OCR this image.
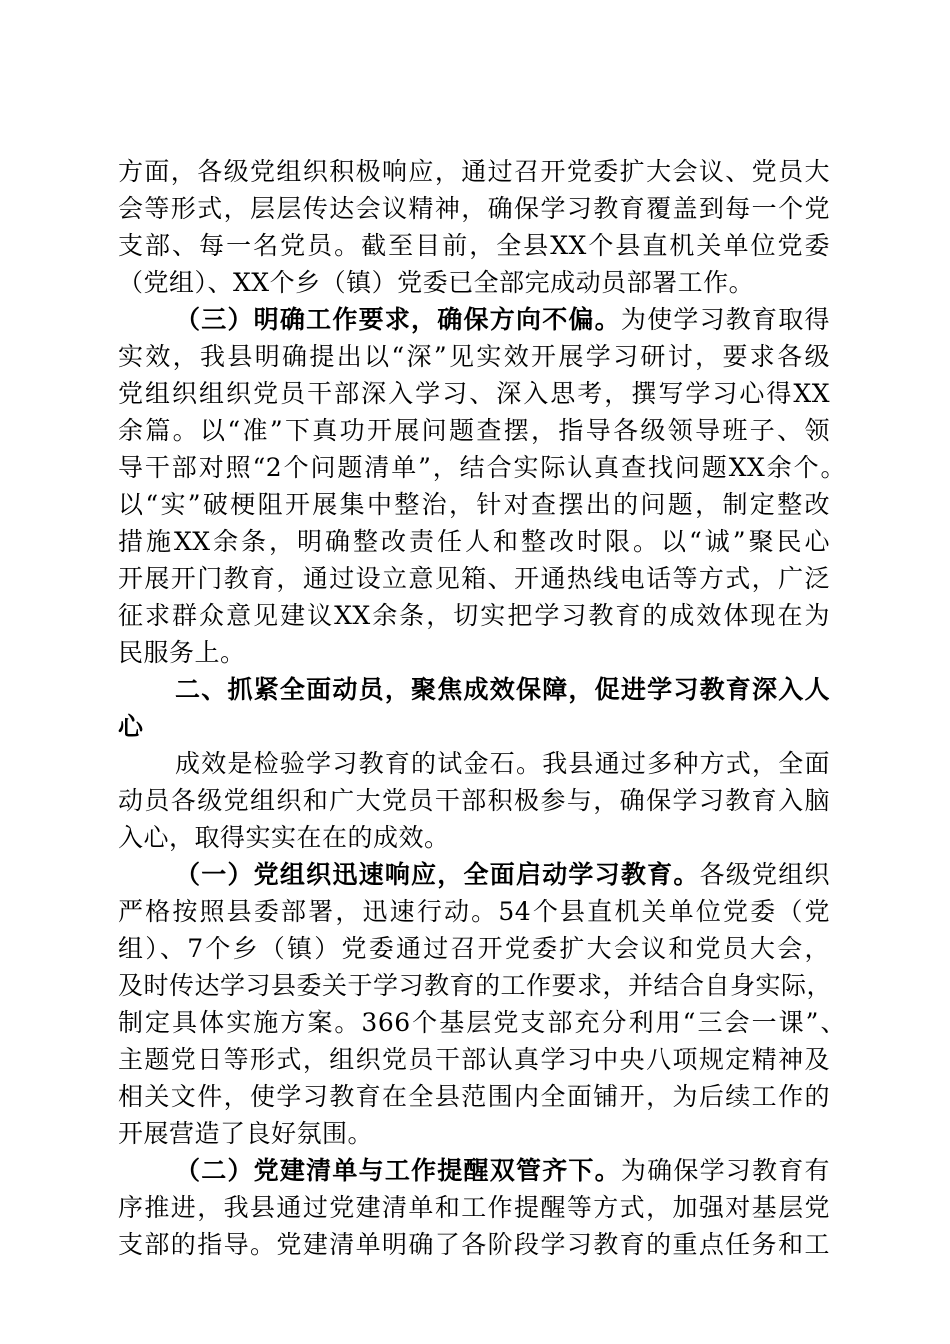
方面，各级党组织积极响应，通过召开党委扩大会议、党员大
会等形式，层层传达会议精神，确保学习教育覆盖到每一个党
支部、每一名党员。截至目前，全县XX个县直机关单位党委
（党组）、XX个乡（镇）党委已全部完成动员部署工作。
（三）明确工作要求，确保方向不偏。为使学习教育取得
实效，我县明确提出以“深”见实效开展学习研讨，要求各级
党组织组织党员干部深入学习、深入思考，撰写学习心得XX
余篇。以“准”下真功开展问题查摆，指导各级领导班子、领
导干部对照“2个问题清单”，结合实际认真查找问题XX余个。
以“实”破梗阻开展集中整治，针对查摆出的问题，制定整改
措施XX余条，明确整改责任人和整改时限。以“诚”聚民心
开展开门教育，通过设立意见箱、开通热线电话等方式，广泛
征求群众意见建议XX余条，切实把学习教育的成效体现在为
民服务上。
二、抓紧全面动员，聚焦成效保障，促进学习教育深入人
心
成效是检验学习教育的试金石。我县通过多种方式，全面
动员各级党组织和广大党员干部积极参与，确保学习教育入脑
入心，取得实实在在的成效。
（一）党组织迅速响应，全面启动学习教育。各级党组织
严格按照县委部署，迅速行动。54个县直机关单位党委（党
组）、7个乡（镇）党委通过召开党委扩大会议和党员大会，
及时传达学习县委关于学习教育的工作要求，并结合自身实际，
制定具体实施方案。366个基层党支部充分利用“三会一课”、
主题党日等形式，组织党员干部认真学习中央八项规定精神及
相关文件，使学习教育在全县范围内全面铺开，为后续工作的
开展营造了良好氛围。
（二）党建清单与工作提醒双管齐下。为确保学习教育有
序推进，我县通过党建清单和工作提醒等方式，加强对基层党
支部的指导。党建清单明确了各阶段学习教育的重点任务和工
